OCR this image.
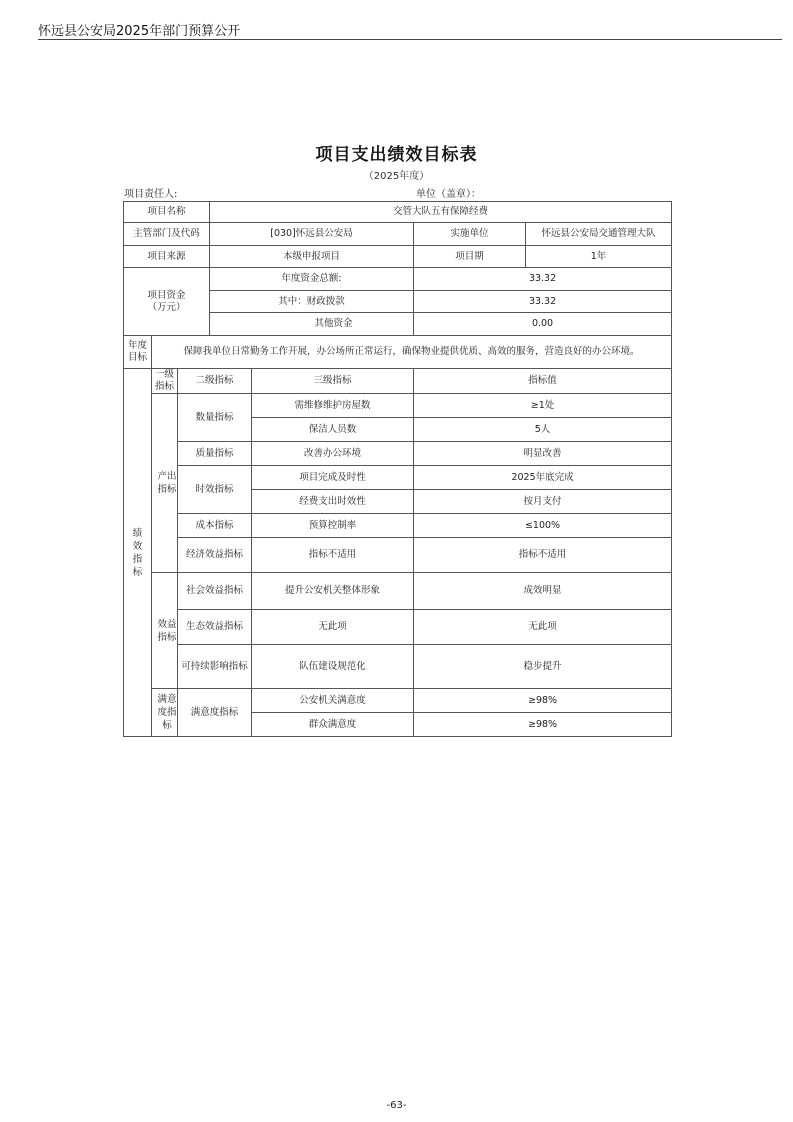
怀远县公安局2025年部门预算公开
项目支出绩效目标表
（2025年度）
项目责任人:	单位（盖章）：
项目名称			交管大队五有保障经费			
主管部门及代码			[030]怀远县公安局		实施单位	怀远县公安局交通管理大队
项目来源			本级申报项目		项目期	1年

项目资金
（万元）			年度资金总额:		33.32	
			其中：财政拨款		33.32	
			其他资金		0.00	
年度目标	保障我单位日常勤务工作开展，办公场所正常运行，确保物业提供优质、高效的服务，营造良好的办公环境。					

绩效指标	一级指标	二级指标		三级指标	指标值	

	产出指标	数量指标		需维修维护房屋数	≥1处	
				保洁人员数	5人	
		质量指标		改善办公环境	明显改善	
		时效指标		项目完成及时性	2025年底完成	
				经费支出时效性	按月支付	
		成本指标		预算控制率	≤100%	
		经济效益指标		指标不适用	指标不适用	

	效益指标	社会效益指标		提升公安机关整体形象	成效明显	
		生态效益指标		无此项	无此项	
		可持续影响指标		队伍建设规范化	稳步提升	

	满意度指标	满意度指标		公安机关满意度	≥98%	
				群众满意度	≥98%	
-63-
